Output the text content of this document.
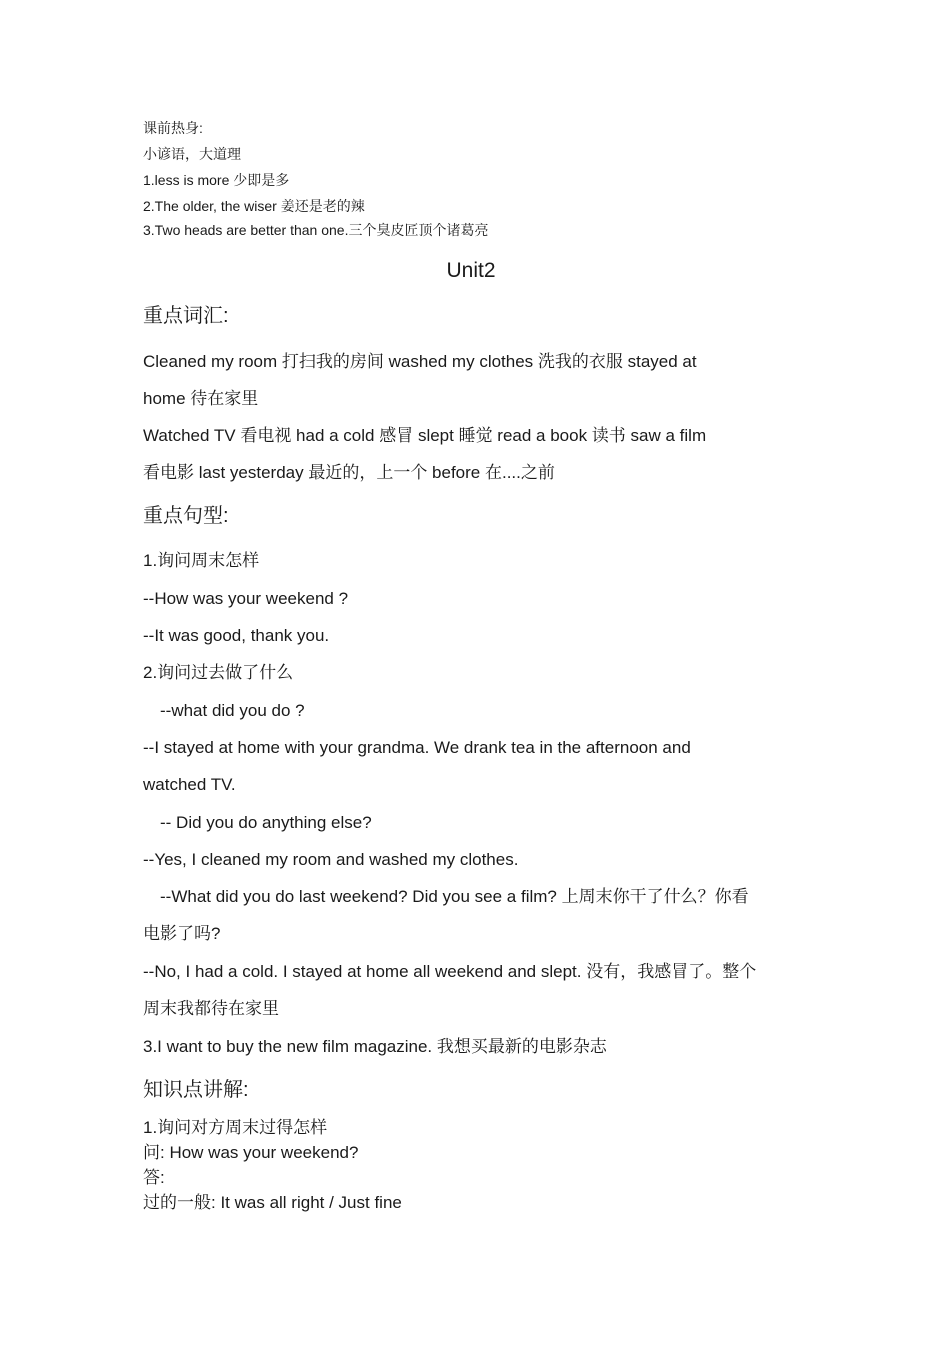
课前热身:
小谚语，大道理
1.less is more 少即是多
2.The older, the wiser 姜还是老的辣
3.Two heads are better than one.三个臭皮匠顶个诸葛亮
Unit2
重点词汇:
Cleaned my room 打扫我的房间 washed my clothes 洗我的衣服 stayed at
home 待在家里
Watched TV 看电视 had a cold 感冒 slept 睡觉 read a book 读书 saw a film
看电影 last yesterday 最近的，上一个 before 在....之前
重点句型:
1.询问周末怎样
--How was your weekend ?
--It was good, thank you.
2.询问过去做了什么
--what did you do ?
--I stayed at home with your grandma. We drank tea in the afternoon and
watched TV.
-- Did you do anything else?
--Yes, I cleaned my room and washed my clothes.
--What did you do last weekend? Did you see a film? 上周末你干了什么？你看
电影了吗?
--No, I had a cold. I stayed at home all weekend and slept. 没有，我感冒了。整个
周末我都待在家里
3.I want to buy the new film magazine. 我想买最新的电影杂志
知识点讲解:
1.询问对方周末过得怎样
问: How was your weekend?
答:
过的一般: It was all right / Just fine
